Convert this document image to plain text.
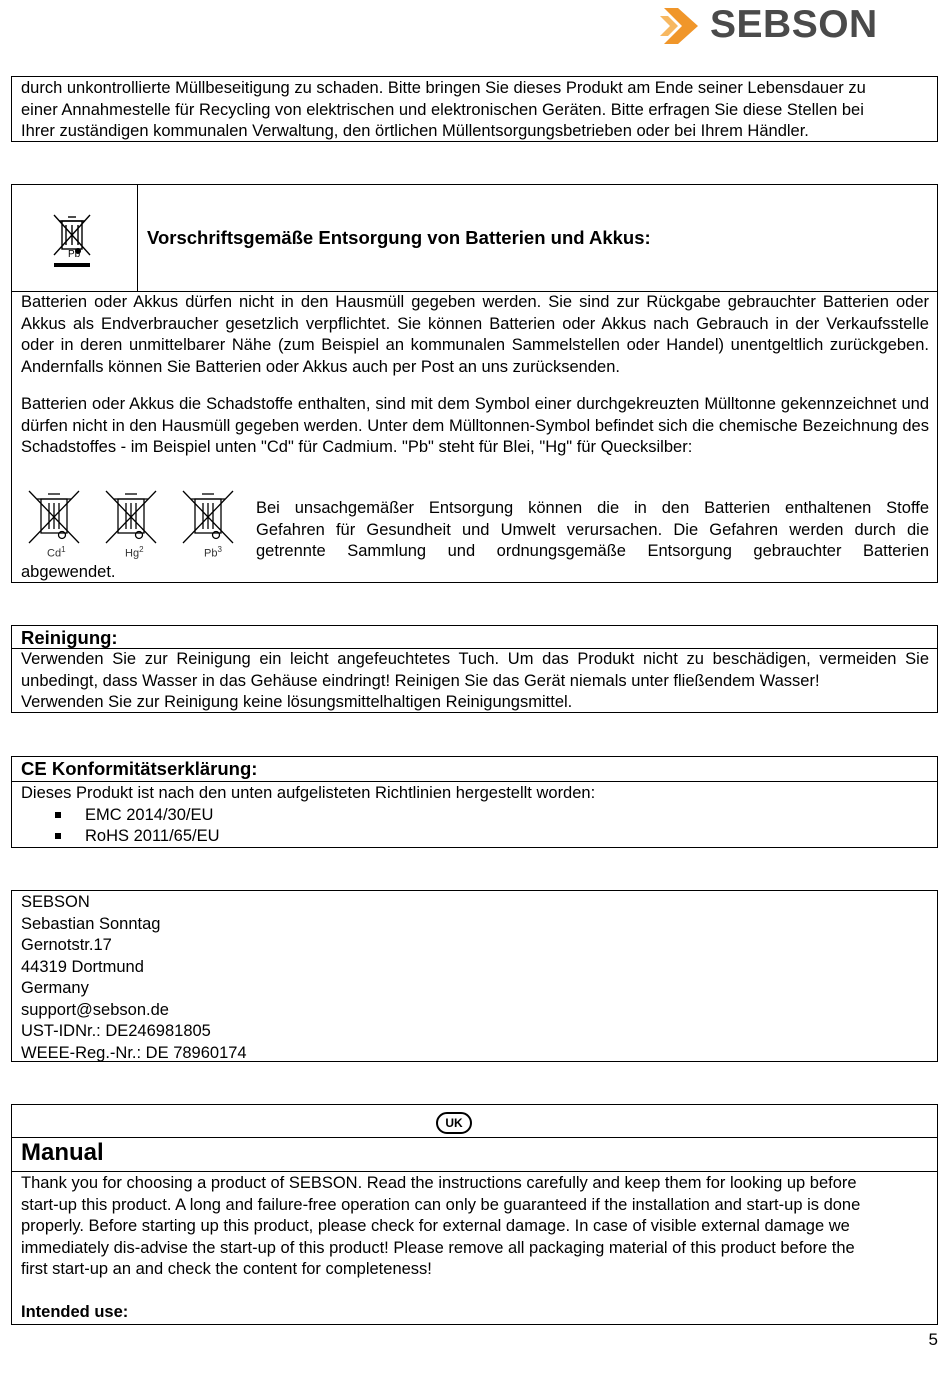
SEBSON
durch unkontrollierte Müllbeseitigung zu schaden. Bitte bringen Sie dieses Produkt am Ende seiner Lebensdauer zu
einer Annahmestelle für Recycling von elektrischen und elektronischen Geräten. Bitte erfragen Sie diese Stellen bei
Ihrer zuständigen kommunalen Verwaltung, den örtlichen Müllentsorgungsbetrieben oder bei Ihrem Händler.
Pb
Vorschriftsgemäße Entsorgung von Batterien und Akkus:
Batterien oder Akkus dürfen nicht in den Hausmüll gegeben werden. Sie sind zur Rückgabe gebrauchter Batterien oder Akkus als Endverbraucher gesetzlich verpflichtet. Sie können Batterien oder Akkus nach Gebrauch in der Verkaufsstelle oder in deren unmittelbarer Nähe (zum Beispiel an kommunalen Sammelstellen oder Handel) unentgeltlich zurückgeben. Andernfalls können Sie Batterien oder Akkus auch per Post an uns zurücksenden.
Batterien oder Akkus die Schadstoffe enthalten, sind mit dem Symbol einer durchgekreuzten Mülltonne gekennzeichnet und dürfen nicht in den Hausmüll gegeben werden. Unter dem Mülltonnen-Symbol befindet sich die chemische Bezeichnung des Schadstoffes - im Beispiel unten "Cd" für Cadmium. "Pb" steht für Blei, "Hg" für Quecksilber:
Cd$^1$	Hg$^2$	Pb$^3$
Bei unsachgemäßer Entsorgung können die in den Batterien enthaltenen Stoffe
Gefahren für Gesundheit und Umwelt verursachen. Die Gefahren werden durch die
getrennte Sammlung und ordnungsgemäße Entsorgung gebrauchter Batterien
abgewendet.
Reinigung:
Verwenden Sie zur Reinigung ein leicht angefeuchtetes Tuch. Um das Produkt nicht zu beschädigen, vermeiden Sie unbedingt, dass Wasser in das Gehäuse eindringt! Reinigen Sie das Gerät niemals unter fließendem Wasser!
Verwenden Sie zur Reinigung keine lösungsmittelhaltigen Reinigungsmittel.
CE Konformitätserklärung:
Dieses Produkt ist nach den unten aufgelisteten Richtlinien hergestellt worden:
EMC 2014/30/EU
RoHS 2011/65/EU
SEBSON
Sebastian Sonntag
Gernotstr.17
44319 Dortmund
Germany
support@sebson.de
UST-IDNr.: DE246981805
WEEE-Reg.-Nr.: DE 78960174
UK
Manual
Thank you for choosing a product of SEBSON. Read the instructions carefully and keep them for looking up before
start-up this product. A long and failure-free operation can only be guaranteed if the installation and start-up is done
properly. Before starting up this product, please check for external damage. In case of visible external damage we
immediately dis-advise the start-up of this product! Please remove all packaging material of this product before the
first start-up an and check the content for completeness!
Intended use:
5
